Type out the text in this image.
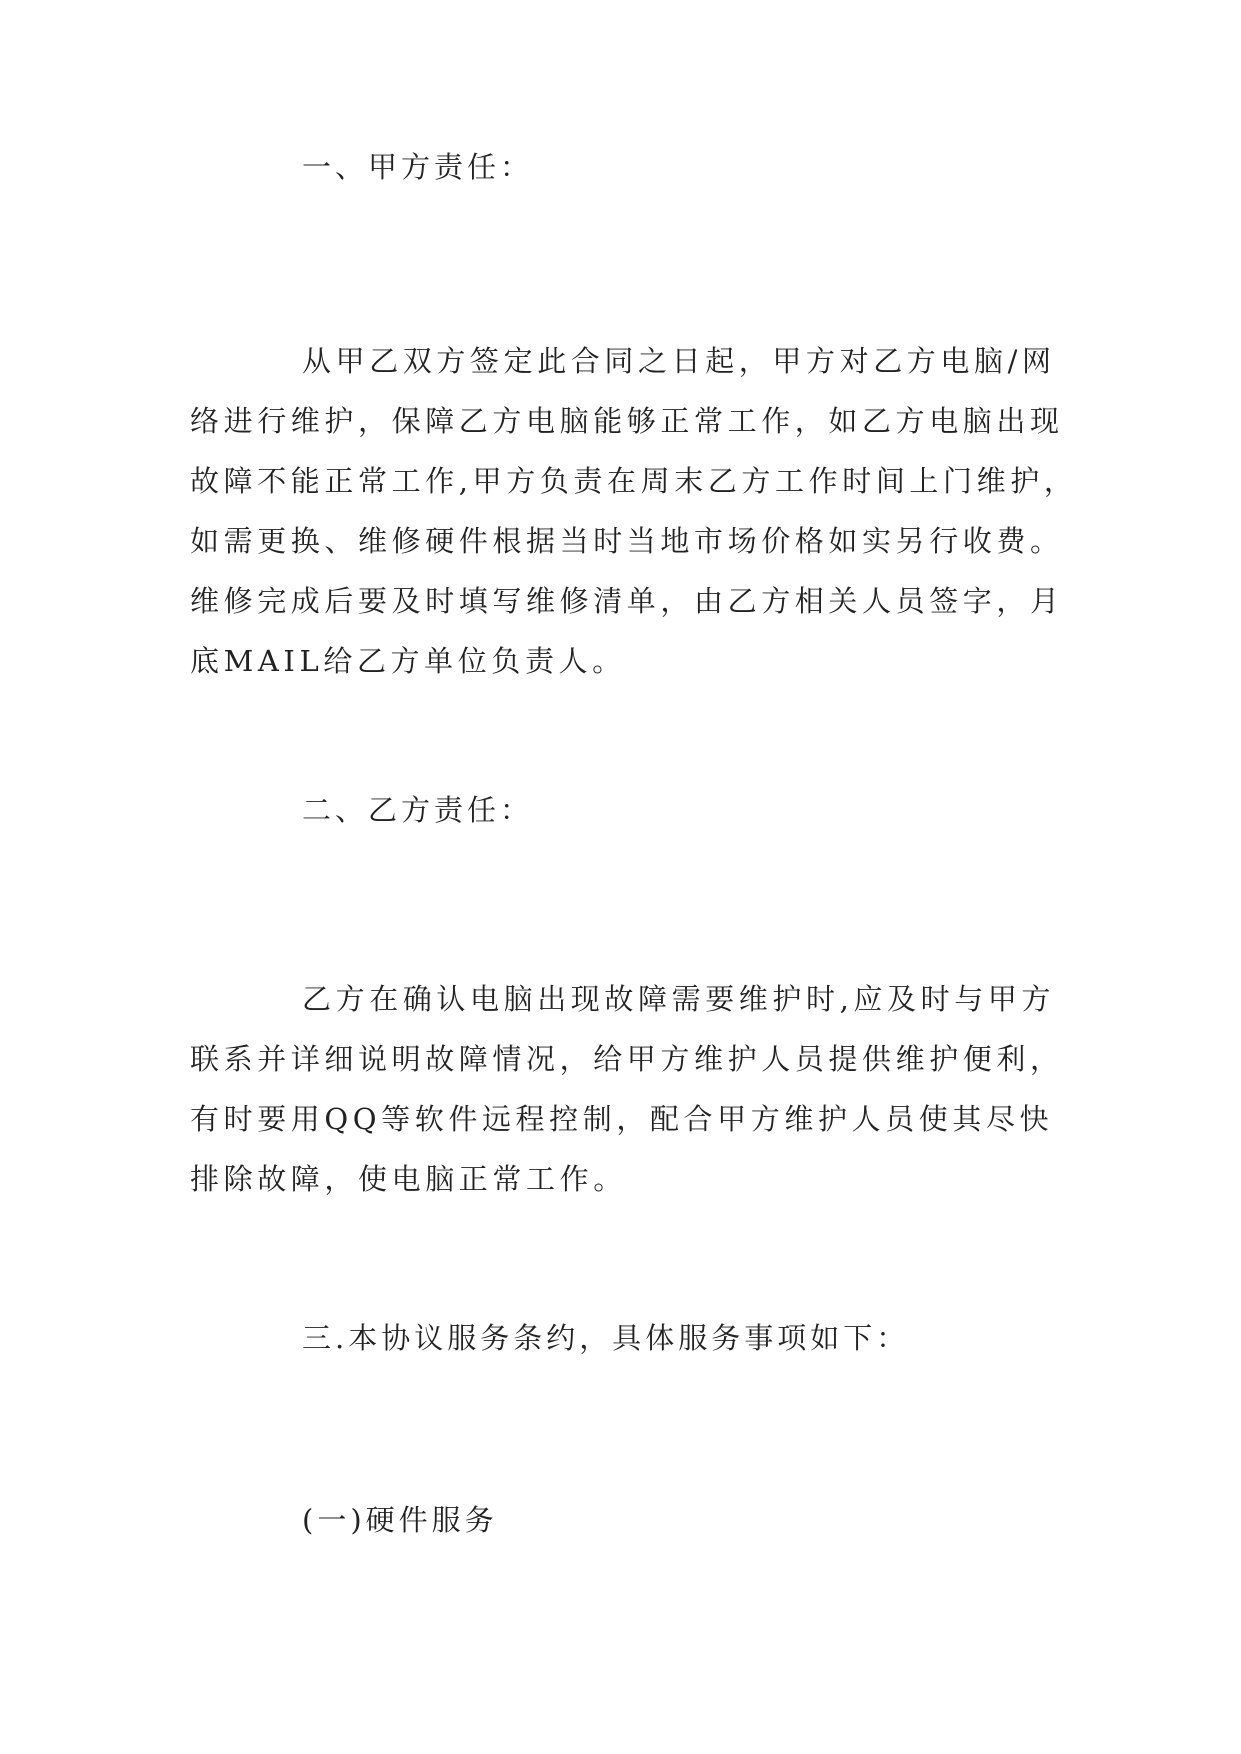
一、甲方责任：
从甲乙双方签定此合同之日起，甲方对乙方电脑/网
络进行维护，保障乙方电脑能够正常工作，如乙方电脑出现
故障不能正常工作,甲方负责在周末乙方工作时间上门维护，
如需更换、维修硬件根据当时当地市场价格如实另行收费。
维修完成后要及时填写维修清单，由乙方相关人员签字，月
底MAIL给乙方单位负责人。
二、乙方责任：
乙方在确认电脑出现故障需要维护时,应及时与甲方
联系并详细说明故障情况，给甲方维护人员提供维护便利，
有时要用QQ等软件远程控制，配合甲方维护人员使其尽快
排除故障，使电脑正常工作。
三.本协议服务条约，具体服务事项如下：
(一)硬件服务
